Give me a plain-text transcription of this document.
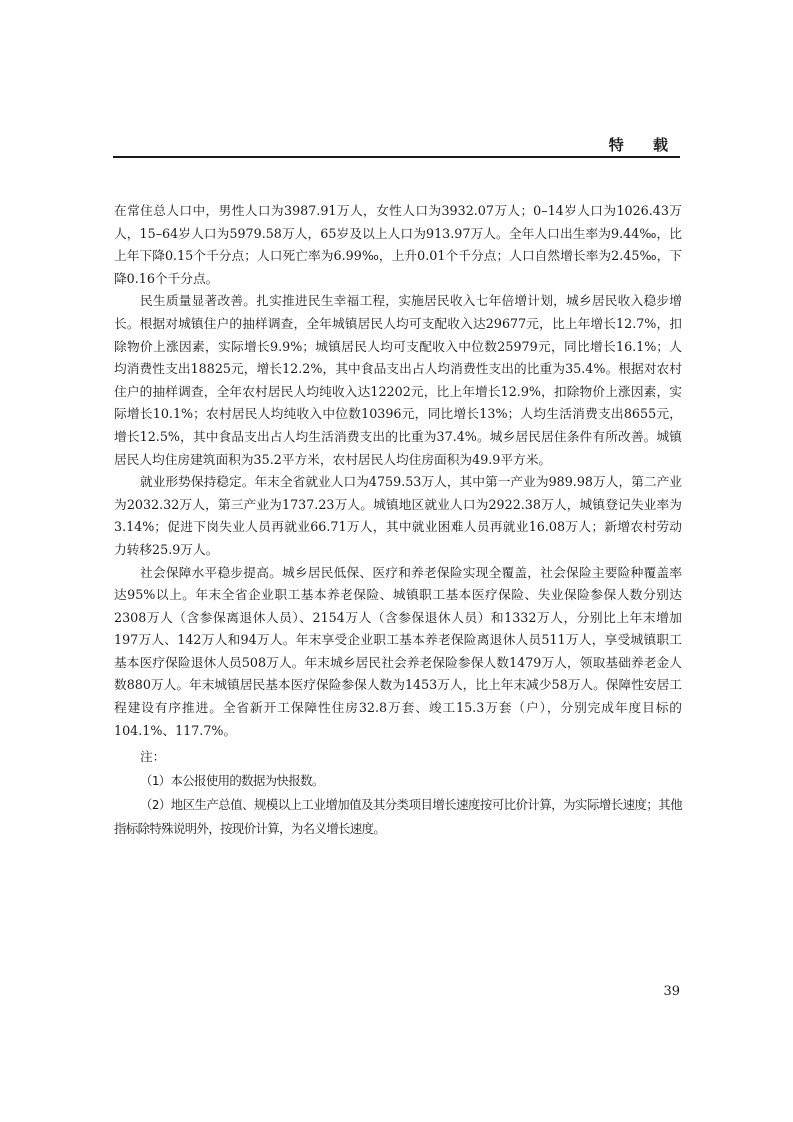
特 载

在常住总人口中，男性人口为3987.91万人，女性人口为3932.07万人；0–14岁人口为1026.43万人，15–64岁人口为5979.58万人，65岁及以上人口为913.97万人。全年人口出生率为9.44‰，比上年下降0.15个千分点；人口死亡率为6.99‰，上升0.01个千分点；人口自然增长率为2.45‰，下降0.16个千分点。

民生质量显著改善。扎实推进民生幸福工程，实施居民收入七年倍增计划，城乡居民收入稳步增长。根据对城镇住户的抽样调查，全年城镇居民人均可支配收入达29677元，比上年增长12.7%，扣除物价上涨因素，实际增长9.9%；城镇居民人均可支配收入中位数25979元，同比增长16.1%；人均消费性支出18825元，增长12.2%，其中食品支出占人均消费性支出的比重为35.4%。根据对农村住户的抽样调查，全年农村居民人均纯收入达12202元，比上年增长12.9%，扣除物价上涨因素，实际增长10.1%；农村居民人均纯收入中位数10396元，同比增长13%；人均生活消费支出8655元，增长12.5%，其中食品支出占人均生活消费支出的比重为37.4%。城乡居民居住条件有所改善。城镇居民人均住房建筑面积为35.2平方米，农村居民人均住房面积为49.9平方米。

就业形势保持稳定。年末全省就业人口为4759.53万人，其中第一产业为989.98万人，第二产业为2032.32万人，第三产业为1737.23万人。城镇地区就业人口为2922.38万人，城镇登记失业率为3.14%；促进下岗失业人员再就业66.71万人，其中就业困难人员再就业16.08万人；新增农村劳动力转移25.9万人。

社会保障水平稳步提高。城乡居民低保、医疗和养老保险实现全覆盖，社会保险主要险种覆盖率达95%以上。年末全省企业职工基本养老保险、城镇职工基本医疗保险、失业保险参保人数分别达2308万人（含参保离退休人员）、2154万人（含参保退休人员）和1332万人，分别比上年末增加197万人、142万人和94万人。年末享受企业职工基本养老保险离退休人员511万人，享受城镇职工基本医疗保险退休人员508万人。年末城乡居民社会养老保险参保人数1479万人，领取基础养老金人数880万人。年末城镇居民基本医疗保险参保人数为1453万人，比上年末减少58万人。保障性安居工程建设有序推进。全省新开工保障性住房32.8万套、竣工15.3万套（户），分别完成年度目标的104.1%、117.7%。

注：

（1）本公报使用的数据为快报数。

（2）地区生产总值、规模以上工业增加值及其分类项目增长速度按可比价计算，为实际增长速度；其他指标除特殊说明外，按现价计算，为名义增长速度。

39
